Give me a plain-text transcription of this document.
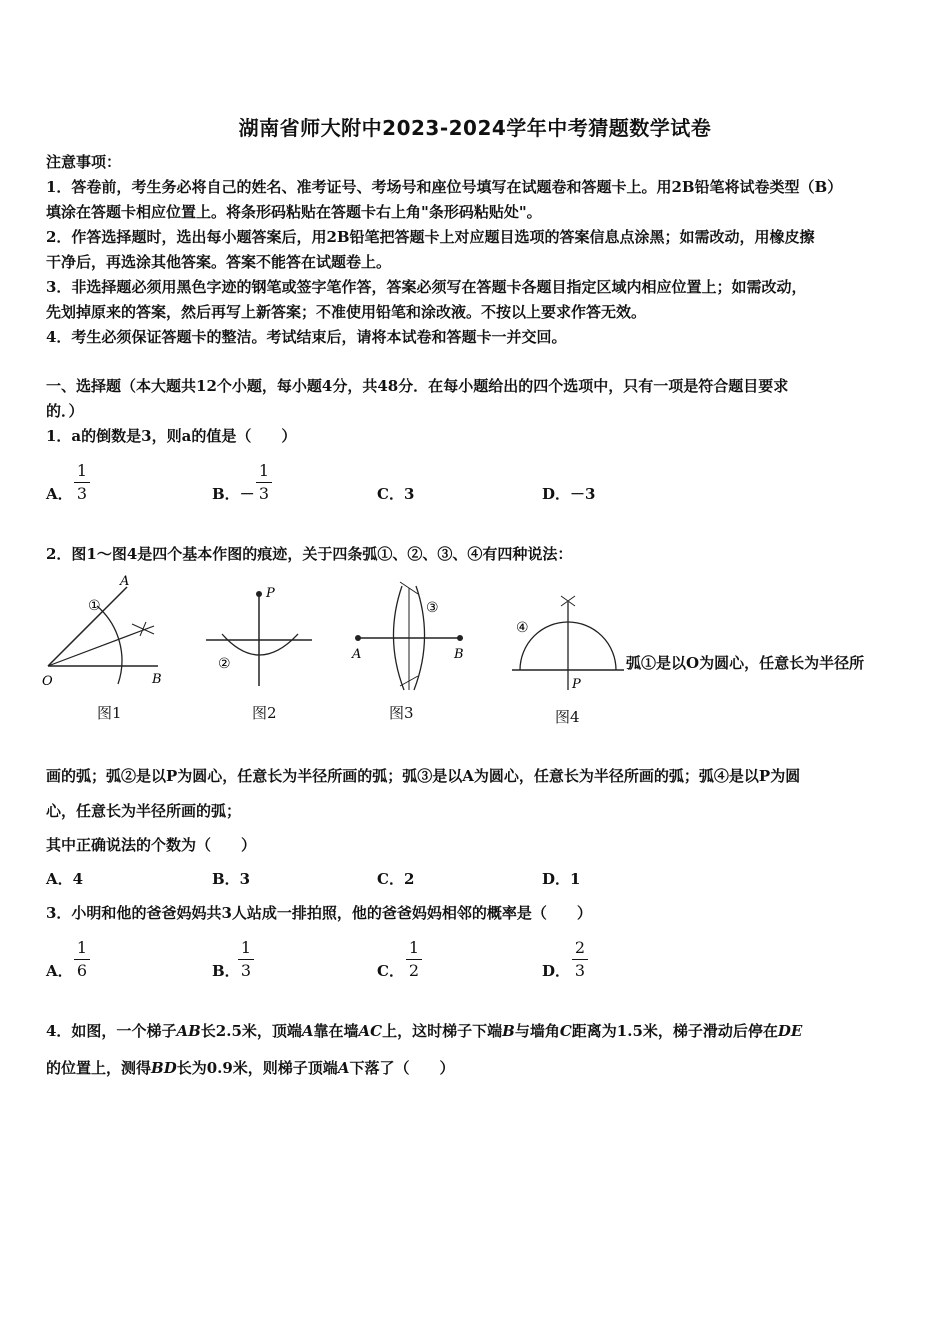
湖南省师大附中2023-2024学年中考猜题数学试卷
注意事项：
1．答卷前，考生务必将自己的姓名、准考证号、考场号和座位号填写在试题卷和答题卡上。用2B铅笔将试卷类型（B）
填涂在答题卡相应位置上。将条形码粘贴在答题卡右上角"条形码粘贴处"。
2．作答选择题时，选出每小题答案后，用2B铅笔把答题卡上对应题目选项的答案信息点涂黑；如需改动，用橡皮擦
干净后，再选涂其他答案。答案不能答在试题卷上。
3．非选择题必须用黑色字迹的钢笔或签字笔作答，答案必须写在答题卡各题目指定区域内相应位置上；如需改动，
先划掉原来的答案，然后再写上新答案；不准使用铅笔和涂改液。不按以上要求作答无效。
4．考生必须保证答题卡的整洁。考试结束后，请将本试卷和答题卡一并交回。
一、选择题（本大题共12个小题，每小题4分，共48分．在每小题给出的四个选项中，只有一项是符合题目要求
的．）
1．a的倒数是3，则a的值是（　　）
A．
1
3	B．－
1
3	C．3	D．－3
2．图1～图4是四个基本作图的痕迹，关于四条弧①、②、③、④有四种说法：
A
O	B
①
图1
P
②
图2
A	B
③
图3
P
④
图4
弧①是以O为圆心，任意长为半径所
画的弧；弧②是以P为圆心，任意长为半径所画的弧；弧③是以A为圆心，任意长为半径所画的弧；弧④是以P为圆
心，任意长为半径所画的弧；
其中正确说法的个数为（　　）
A．4	B．3	C．2	D．1
3．小明和他的爸爸妈妈共3人站成一排拍照，他的爸爸妈妈相邻的概率是（　　）
A．
1
6	B．
1
3	C．
1
2	D．
2
3
4．如图，一个梯子AB长2.5米，顶端A靠在墙AC上，这时梯子下端B与墙角C距离为1.5米，梯子滑动后停在DE
的位置上，测得BD长为0.9米，则梯子顶端A下落了（　　）
